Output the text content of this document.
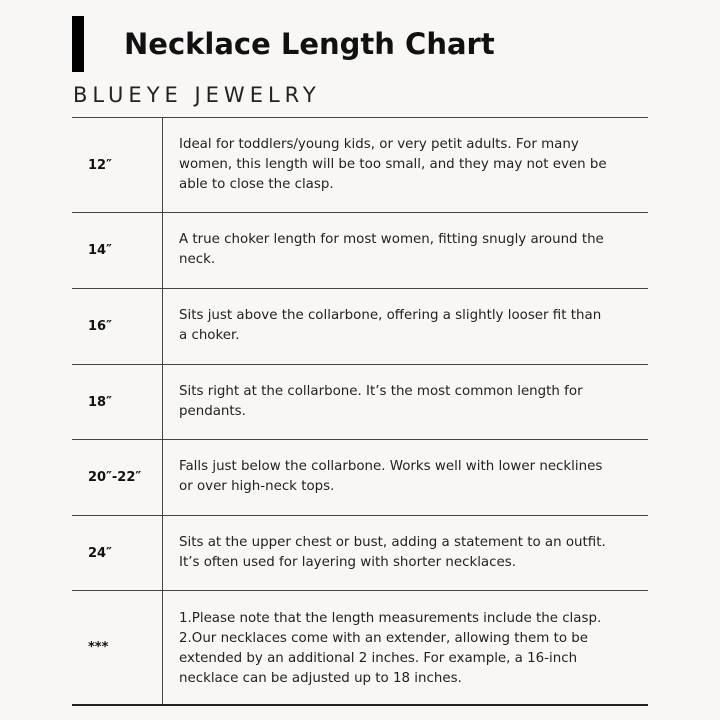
Necklace Length Chart
BLUEYE JEWELRY
12″
Ideal for toddlers/young kids, or very petit adults. For many
women, this length will be too small, and they may not even be
able to close the clasp.
14″
A true choker length for most women, fitting snugly around the
neck.
16″
Sits just above the collarbone, offering a slightly looser fit than
a choker.
18″
Sits right at the collarbone. It’s the most common length for
pendants.
20″-22″
Falls just below the collarbone. Works well with lower necklines
or over high-neck tops.
24″
Sits at the upper chest or bust, adding a statement to an outfit.
It’s often used for layering with shorter necklaces.
***
1.Please note that the length measurements include the clasp.
2.Our necklaces come with an extender, allowing them to be
extended by an additional 2 inches. For example, a 16-inch
necklace can be adjusted up to 18 inches.
